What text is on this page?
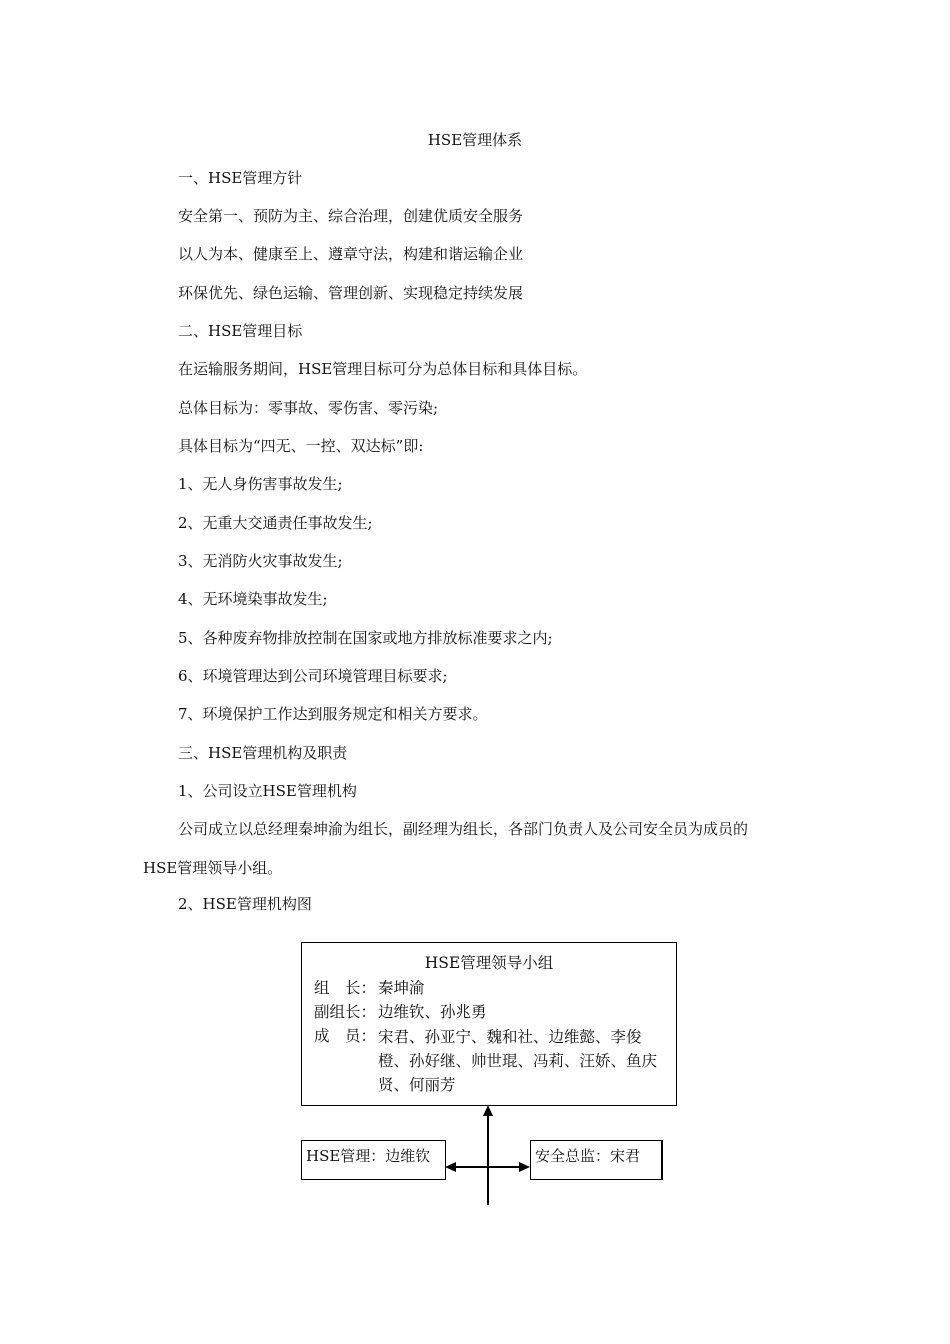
HSE管理体系
一、HSE管理方针
安全第一、预防为主、综合治理，创建优质安全服务
以人为本、健康至上、遵章守法，构建和谐运输企业
环保优先、绿色运输、管理创新、实现稳定持续发展
二、HSE管理目标
在运输服务期间，HSE管理目标可分为总体目标和具体目标。
总体目标为：零事故、零伤害、零污染;
具体目标为“四无、一控、双达标”即:
1、无人身伤害事故发生;
2、无重大交通责任事故发生;
3、无消防火灾事故发生;
4、无环境染事故发生;
5、各种废弃物排放控制在国家或地方排放标准要求之内;
6、环境管理达到公司环境管理目标要求;
7、环境保护工作达到服务规定和相关方要求。
三、HSE管理机构及职责
1、公司设立HSE管理机构
公司成立以总经理秦坤渝为组长，副经理为组长，各部门负责人及公司安全员为成员的
HSE管理领导小组。
2、HSE管理机构图
HSE管理领导小组
组　长： 秦坤渝
副组长： 边维钦、孙兆勇
成　员： 宋君、孙亚宁、魏和社、边维懿、李俊橙、孙好继、帅世琨、冯莉、汪娇、鱼庆贤、何丽芳
HSE管理：边维钦	安全总监：宋君
